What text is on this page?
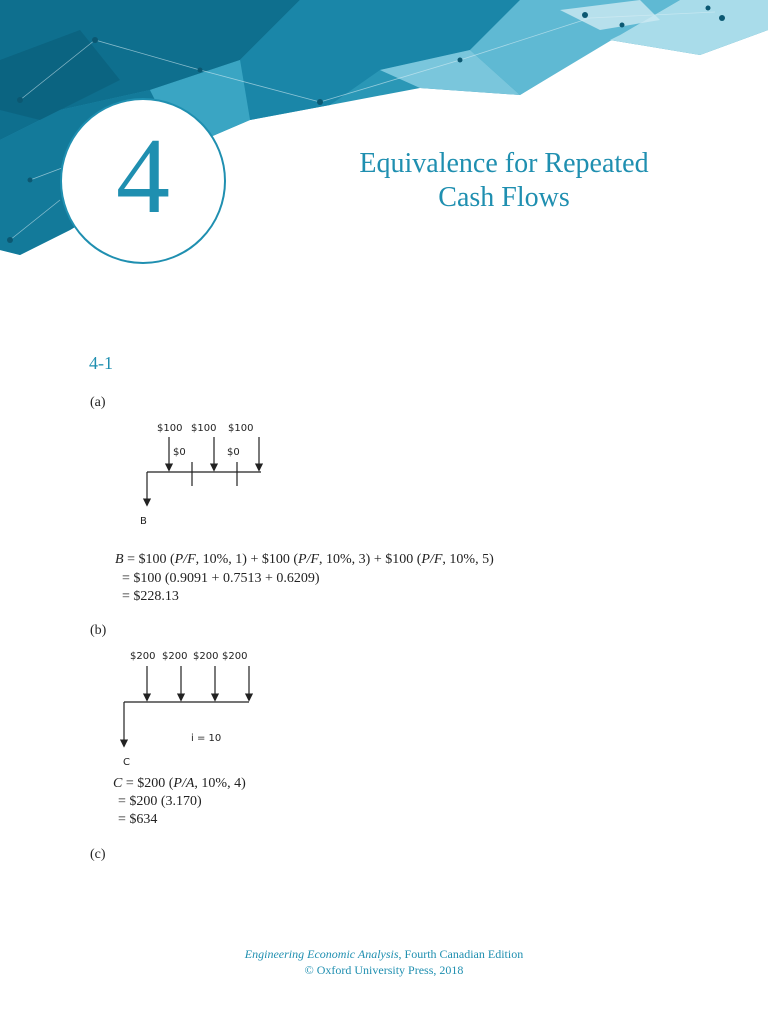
4	Equivalence for Repeated
Cash Flows
4-1
(a)
$100 $100 $100
$0	$0
B
$200 $200 $200 $200
i = 10
C
B = $100 (P/F, 10%, 1) + $100 (P/F, 10%, 3) + $100 (P/F, 10%, 5)
= $100 (0.9091 + 0.7513 + 0.6209)
= $228.13
(b)
C = $200 (P/A, 10%, 4)
= $200 (3.170)
= $634
(c)
Engineering Economic Analysis, Fourth Canadian Edition
© Oxford University Press, 2018
